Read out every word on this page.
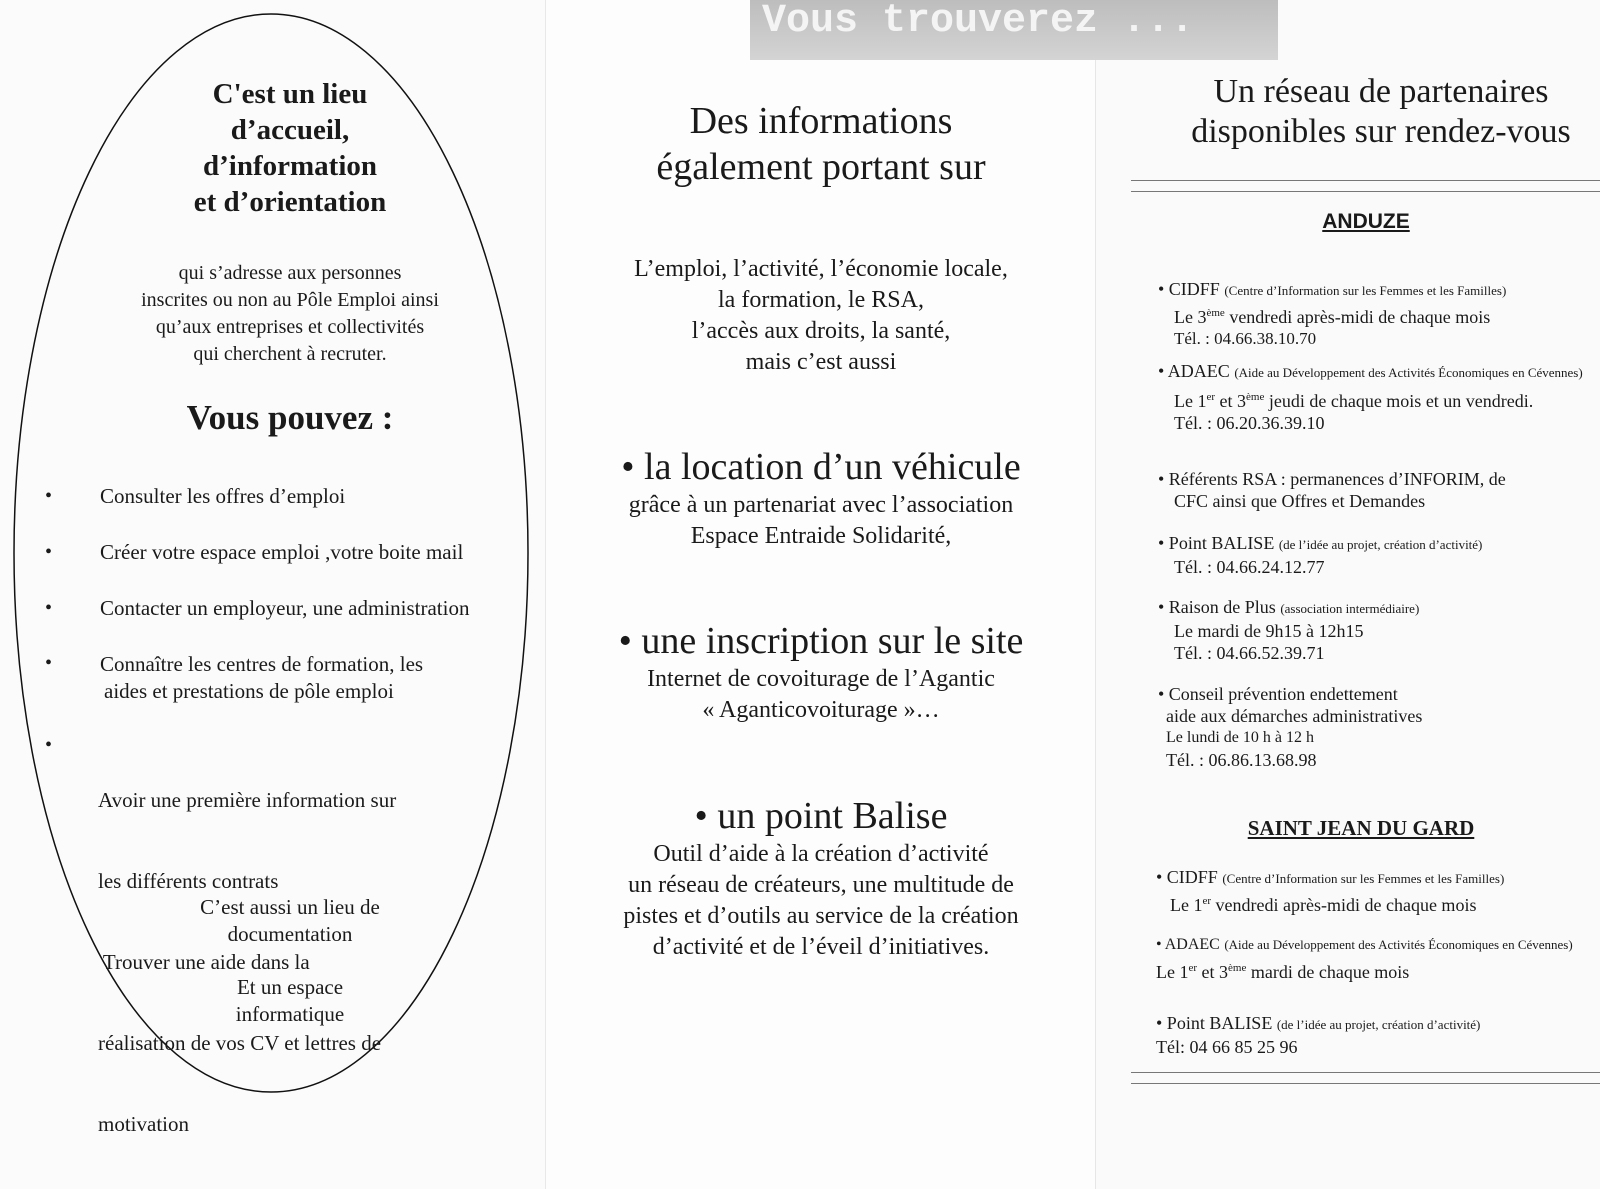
C'est un lieu
d’accueil,
d’information
et d’orientation
qui s’adresse aux personnes
inscrites ou non au Pôle Emploi ainsi
qu’aux entreprises et collectivités
qui cherchent à recruter.
Vous pouvez :
• Consulter les offres d’emploi
• Créer votre espace emploi ,votre boite mail
• Contacter un employeur, une administration
• Connaître les centres de formation, les
aides et prestations de pôle emploi
•

Avoir une première information sur

les différents contrats

Trouver une aide dans la

réalisation de vos CV et lettres de

motivation

C’est aussi un lieu de
documentation
Et un espace
informatique
Des informations
également portant sur
L’emploi, l’activité, l’économie locale,
la formation, le RSA,
l’accès aux droits, la santé,
mais c’est aussi
• la location d’un véhicule
grâce à un partenariat avec l’association
Espace Entraide Solidarité,
• une inscription sur le site
Internet de covoiturage de l’Agantic
« Aganticovoiturage »…
• un point Balise
Outil d’aide à la création d’activité
un réseau de créateurs, une multitude de
pistes et d’outils au service de la création
d’activité et de l’éveil d’initiatives.
Un réseau de partenaires
disponibles sur rendez-vous
ANDUZE
• CIDFF (Centre d’Information sur les Femmes et les Familles)
Le 3ème vendredi après-midi de chaque mois
Tél. : 04.66.38.10.70
• ADAEC (Aide au Développement des Activités Économiques en Cévennes)
Le 1er et 3ème jeudi de chaque mois et un vendredi.
Tél. : 06.20.36.39.10
• Référents RSA : permanences d’INFORIM, de
CFC ainsi que Offres et Demandes
• Point BALISE (de l’idée au projet, création d’activité)
Tél. : 04.66.24.12.77
• Raison de Plus (association intermédiaire)
Le mardi de 9h15 à 12h15
Tél. : 04.66.52.39.71
• Conseil prévention endettement
aide aux démarches administratives
Le lundi de 10 h à 12 h
Tél. : 06.86.13.68.98
SAINT JEAN DU GARD
• CIDFF (Centre d’Information sur les Femmes et les Familles)
Le 1er vendredi après-midi de chaque mois
• ADAEC (Aide au Développement des Activités Économiques en Cévennes)
Le 1er et 3ème mardi de chaque mois
• Point BALISE (de l’idée au projet, création d’activité)
Tél: 04 66 85 25 96
Vous trouverez ...
